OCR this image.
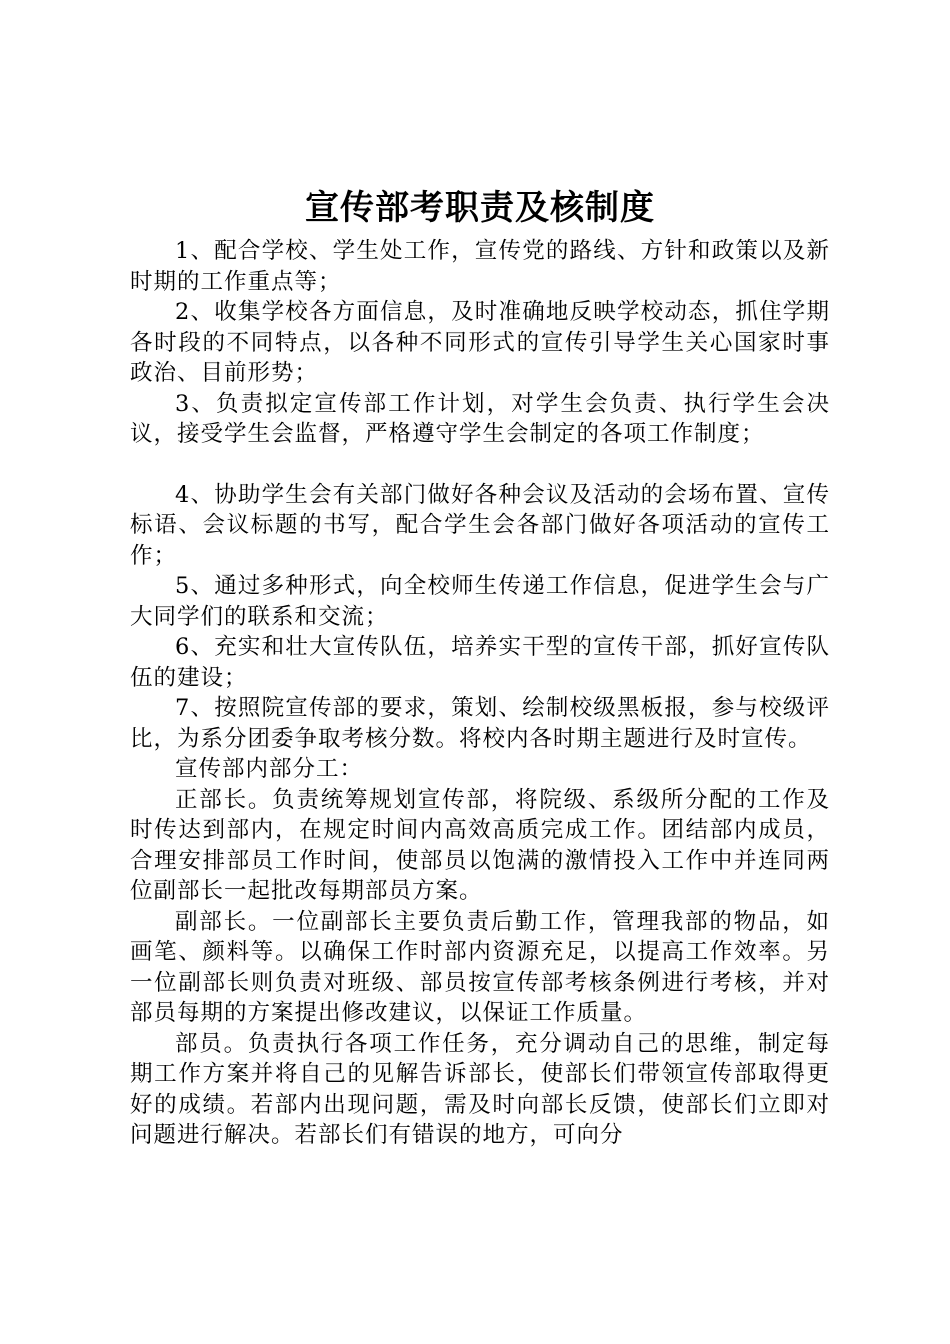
宣传部考职责及核制度

1、配合学校、学生处工作，宣传党的路线、方针和政策以及新时期的工作重点等；

2、收集学校各方面信息，及时准确地反映学校动态，抓住学期各时段的不同特点，以各种不同形式的宣传引导学生关心国家时事政治、目前形势；

3、负责拟定宣传部工作计划，对学生会负责、执行学生会决议，接受学生会监督，严格遵守学生会制定的各项工作制度；

4、协助学生会有关部门做好各种会议及活动的会场布置、宣传标语、会议标题的书写，配合学生会各部门做好各项活动的宣传工作；

5、通过多种形式，向全校师生传递工作信息，促进学生会与广大同学们的联系和交流；

6、充实和壮大宣传队伍，培养实干型的宣传干部，抓好宣传队伍的建设；

7、按照院宣传部的要求，策划、绘制校级黑板报，参与校级评比，为系分团委争取考核分数。将校内各时期主题进行及时宣传。

宣传部内部分工：

正部长。负责统筹规划宣传部，将院级、系级所分配的工作及时传达到部内，在规定时间内高效高质完成工作。团结部内成员，合理安排部员工作时间，使部员以饱满的激情投入工作中并连同两位副部长一起批改每期部员方案。

副部长。一位副部长主要负责后勤工作，管理我部的物品，如画笔、颜料等。以确保工作时部内资源充足，以提高工作效率。另一位副部长则负责对班级、部员按宣传部考核条例进行考核，并对部员每期的方案提出修改建议，以保证工作质量。

部员。负责执行各项工作任务，充分调动自己的思维，制定每期工作方案并将自己的见解告诉部长，使部长们带领宣传部取得更好的成绩。若部内出现问题，需及时向部长反馈，使部长们立即对问题进行解决。若部长们有错误的地方，可向分
